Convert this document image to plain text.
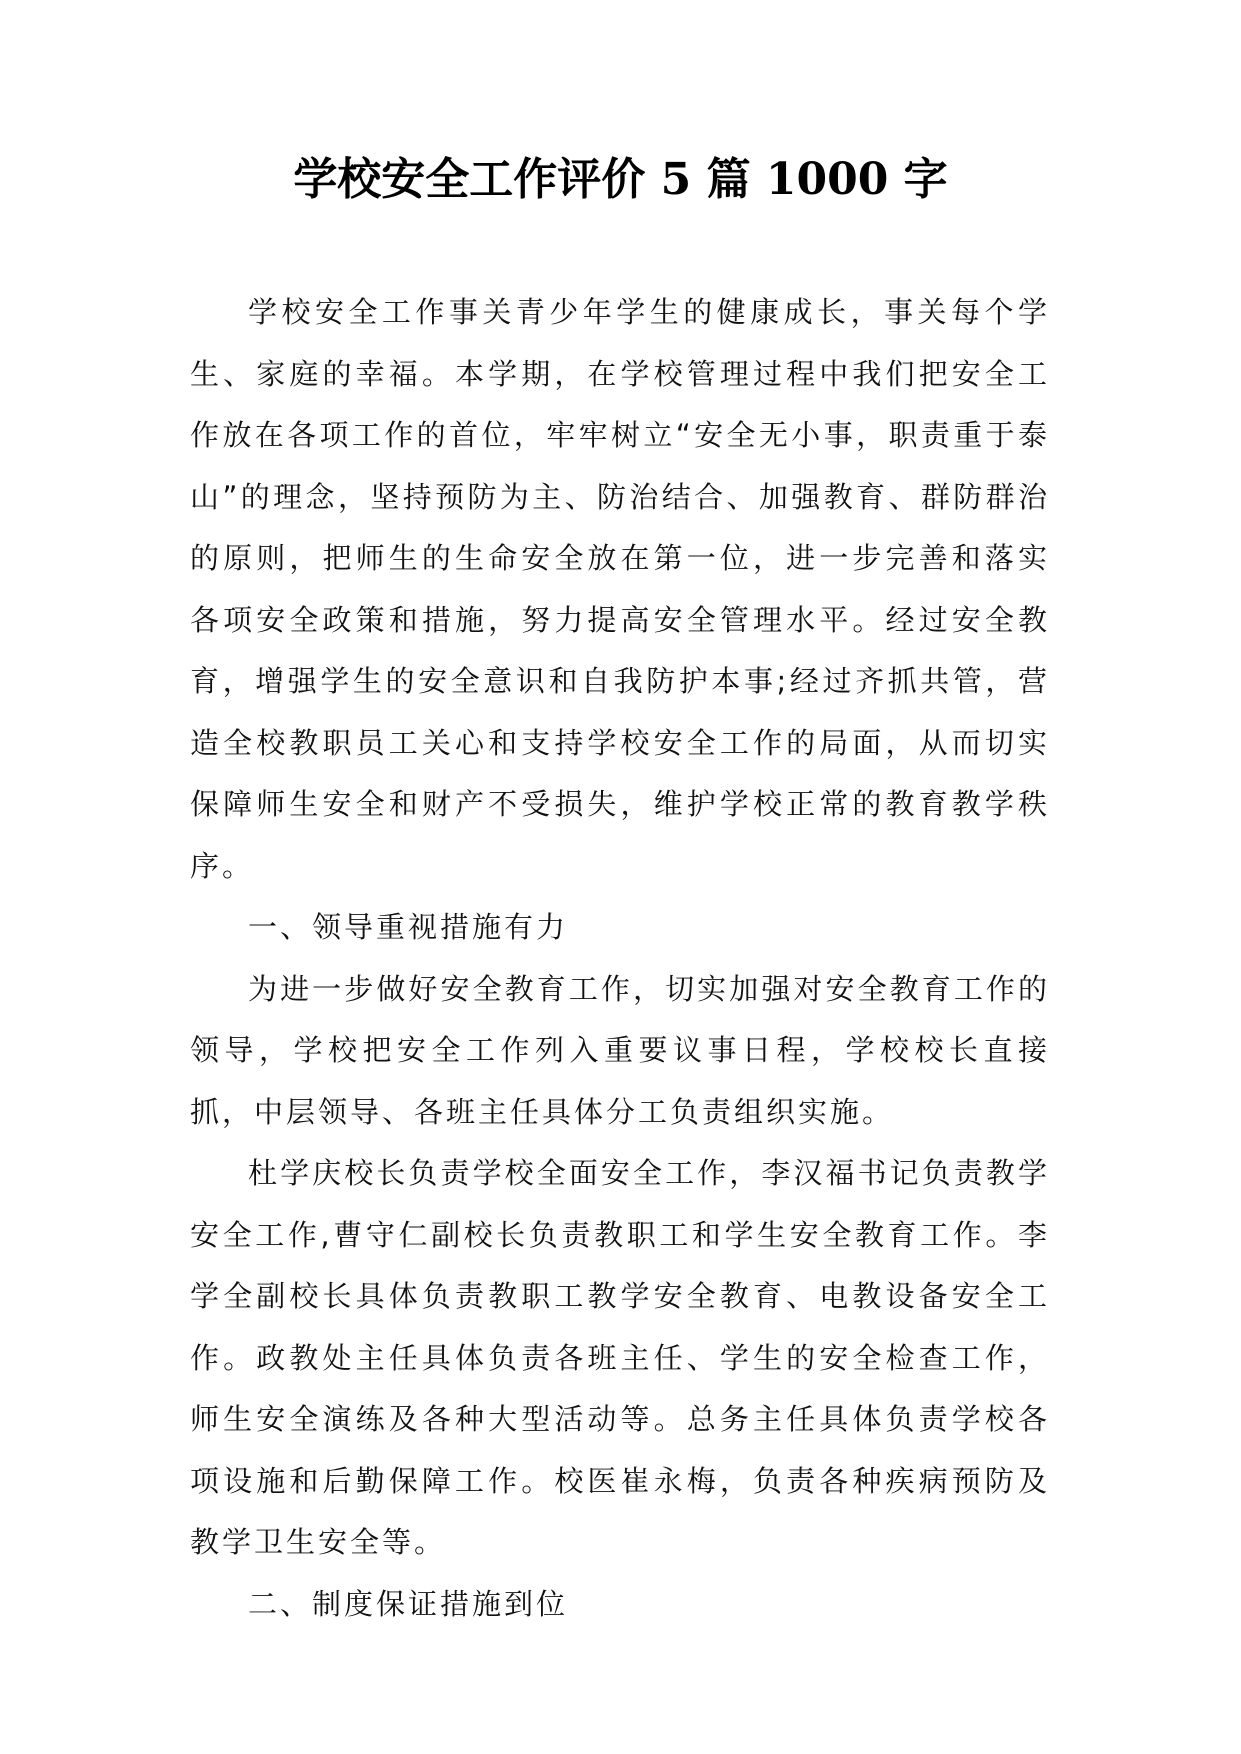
学校安全工作评价 5 篇 1000 字

学校安全工作事关青少年学生的健康成长，事关每个学生、家庭的幸福。本学期，在学校管理过程中我们把安全工作放在各项工作的首位，牢牢树立“安全无小事，职责重于泰山”的理念，坚持预防为主、防治结合、加强教育、群防群治的原则，把师生的生命安全放在第一位，进一步完善和落实各项安全政策和措施，努力提高安全管理水平。经过安全教育，增强学生的安全意识和自我防护本事;经过齐抓共管，营造全校教职员工关心和支持学校安全工作的局面，从而切实保障师生安全和财产不受损失，维护学校正常的教育教学秩序。

一、领导重视措施有力

为进一步做好安全教育工作，切实加强对安全教育工作的领导，学校把安全工作列入重要议事日程，学校校长直接抓，中层领导、各班主任具体分工负责组织实施。

杜学庆校长负责学校全面安全工作，李汉福书记负责教学安全工作,曹守仁副校长负责教职工和学生安全教育工作。李学全副校长具体负责教职工教学安全教育、电教设备安全工作。政教处主任具体负责各班主任、学生的安全检查工作，师生安全演练及各种大型活动等。总务主任具体负责学校各项设施和后勤保障工作。校医崔永梅，负责各种疾病预防及教学卫生安全等。

二、制度保证措施到位
